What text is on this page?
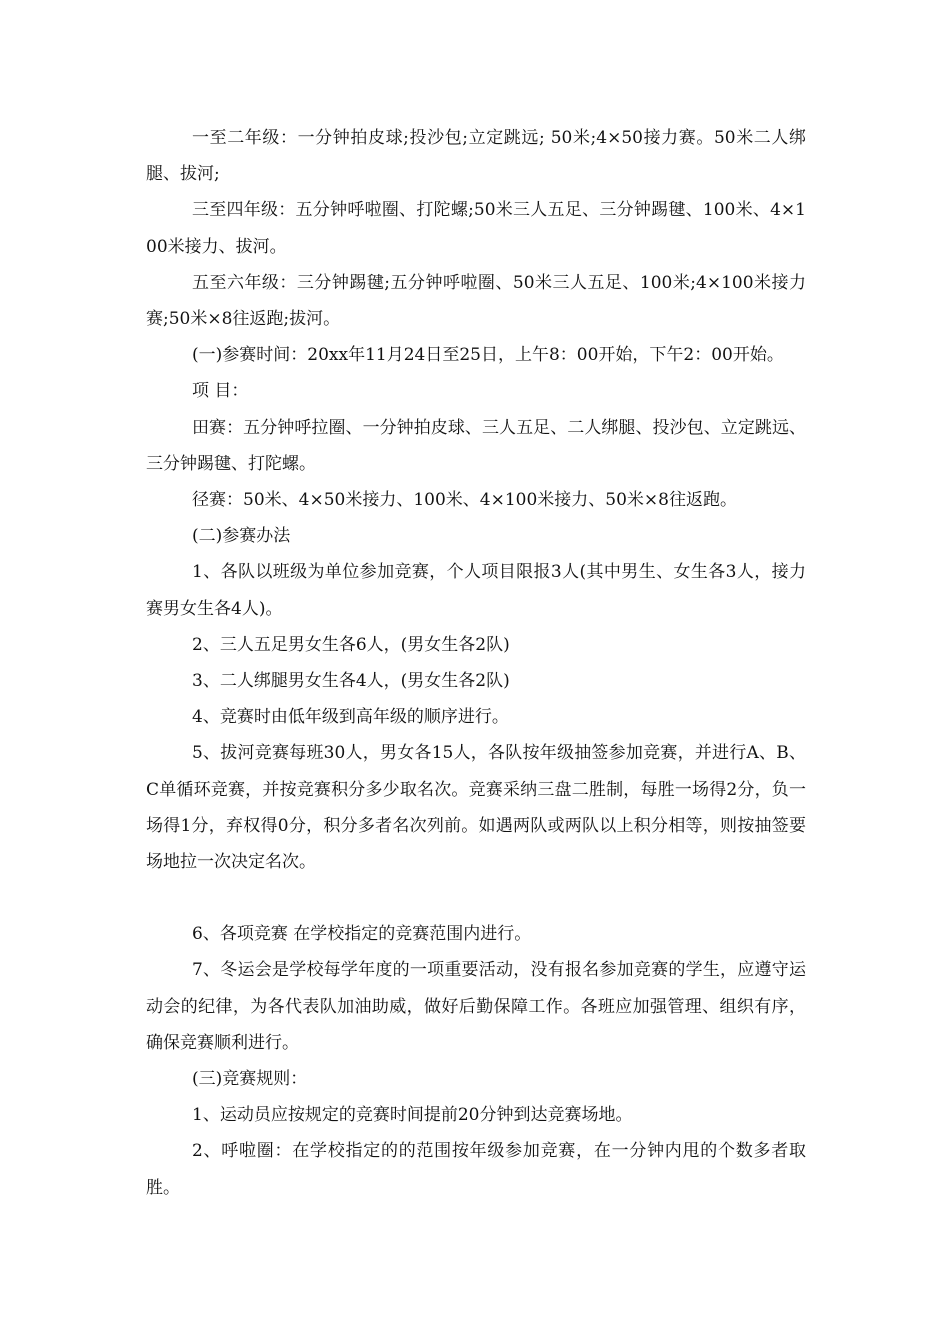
一至二年级：一分钟拍皮球;投沙包;立定跳远; 50米;4×50接力赛。50米二人绑腿、拔河;

三至四年级：五分钟呼啦圈、打陀螺;50米三人五足、三分钟踢毽、100米、4×100米接力、拔河。

五至六年级：三分钟踢毽;五分钟呼啦圈、50米三人五足、100米;4×100米接力赛;50米×8往返跑;拔河。

(一)参赛时间：20xx年11月24日至25日，上午8：00开始，下午2：00开始。

项 目：

田赛：五分钟呼拉圈、一分钟拍皮球、三人五足、二人绑腿、投沙包、立定跳远、三分钟踢毽、打陀螺。

径赛：50米、4×50米接力、100米、4×100米接力、50米×8往返跑。

(二)参赛办法

1、各队以班级为单位参加竞赛，个人项目限报3人(其中男生、女生各3人，接力赛男女生各4人)。

2、三人五足男女生各6人，(男女生各2队)

3、二人绑腿男女生各4人，(男女生各2队)

4、竞赛时由低年级到高年级的顺序进行。

5、拔河竞赛每班30人，男女各15人，各队按年级抽签参加竞赛，并进行A、B、C单循环竞赛，并按竞赛积分多少取名次。竞赛采纳三盘二胜制，每胜一场得2分，负一场得1分，弃权得0分，积分多者名次列前。如遇两队或两队以上积分相等，则按抽签要场地拉一次决定名次。

6、各项竞赛 在学校指定的竞赛范围内进行。

7、冬运会是学校每学年度的一项重要活动，没有报名参加竞赛的学生，应遵守运动会的纪律，为各代表队加油助威，做好后勤保障工作。各班应加强管理、组织有序，确保竞赛顺利进行。

(三)竞赛规则：

1、运动员应按规定的竞赛时间提前20分钟到达竞赛场地。

2、呼啦圈：在学校指定的的范围按年级参加竞赛，在一分钟内甩的个数多者取胜。
